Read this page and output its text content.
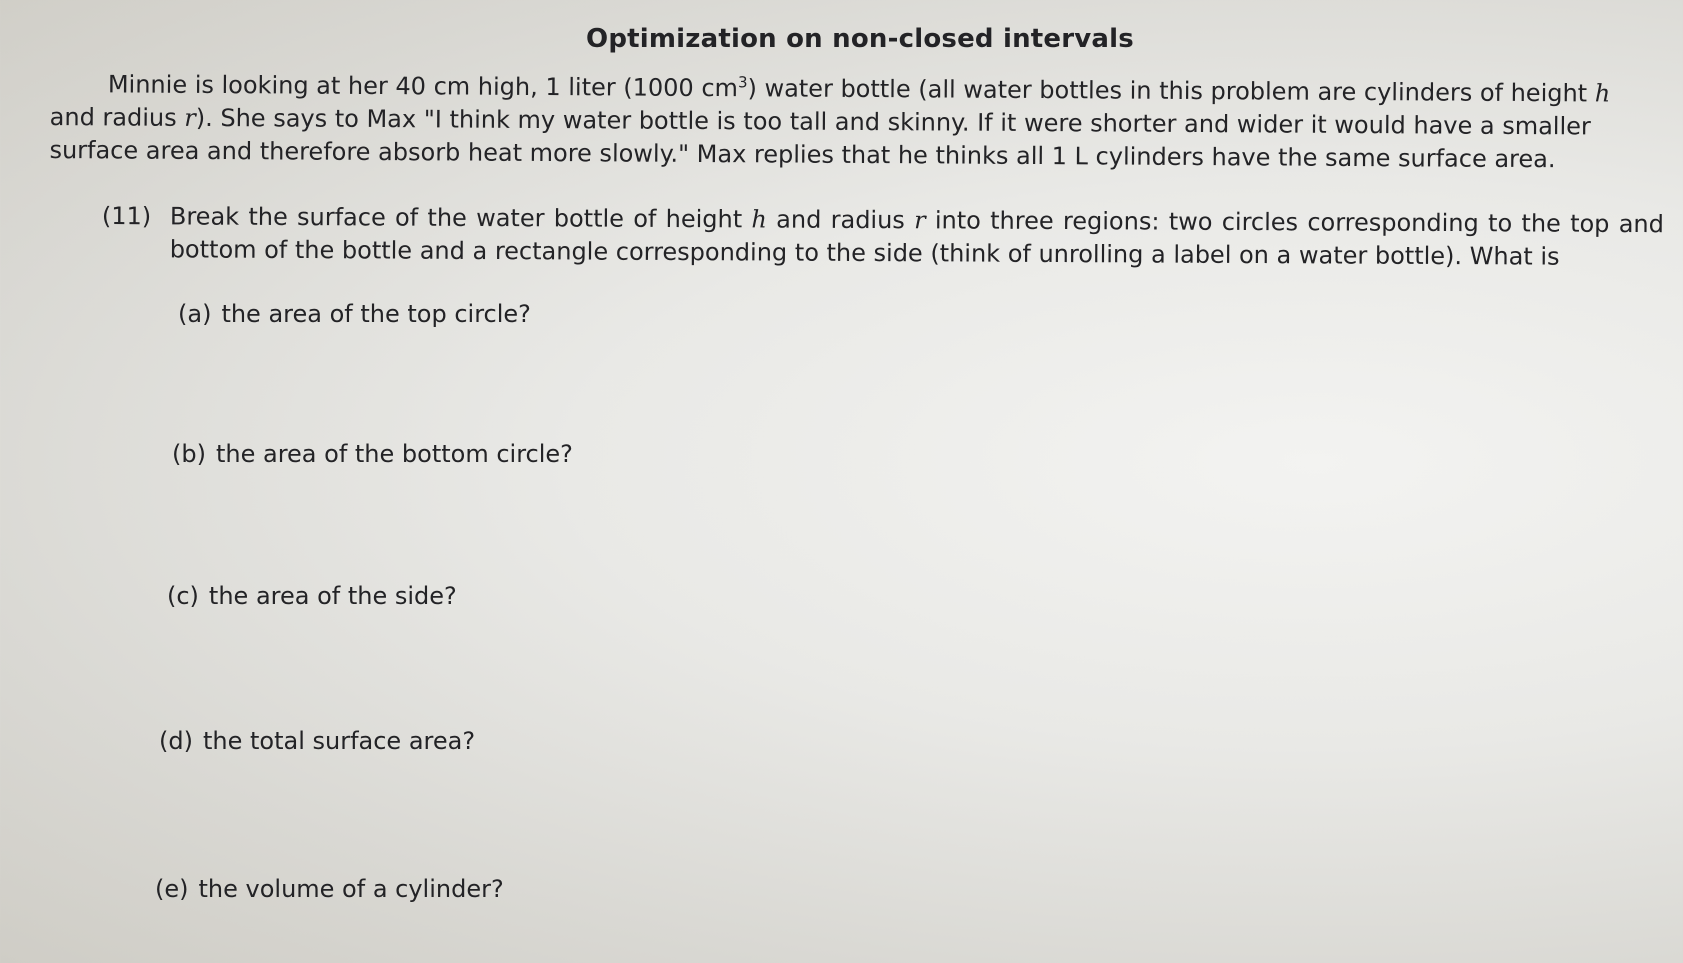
Optimization on non-closed intervals
Minnie is looking at her 40 cm high, 1 liter (1000 $cm^3$) water bottle (all water bottles in this problem are cylinders of height h and radius r). She says to Max "I think my water bottle is too tall and skinny. If it were shorter and wider it would have a smaller surface area and therefore absorb heat more slowly." Max replies that he thinks all 1 L cylinders have the same surface area.
(11) Break the surface of the water bottle of height h and radius r into three regions: two circles corresponding to the top and bottom of the bottle and a rectangle corresponding to the side (think of unrolling a label on a water bottle). What is
(a) the area of the top circle?
(b) the area of the bottom circle?
(c) the area of the side?
(d) the total surface area?
(e) the volume of a cylinder?
